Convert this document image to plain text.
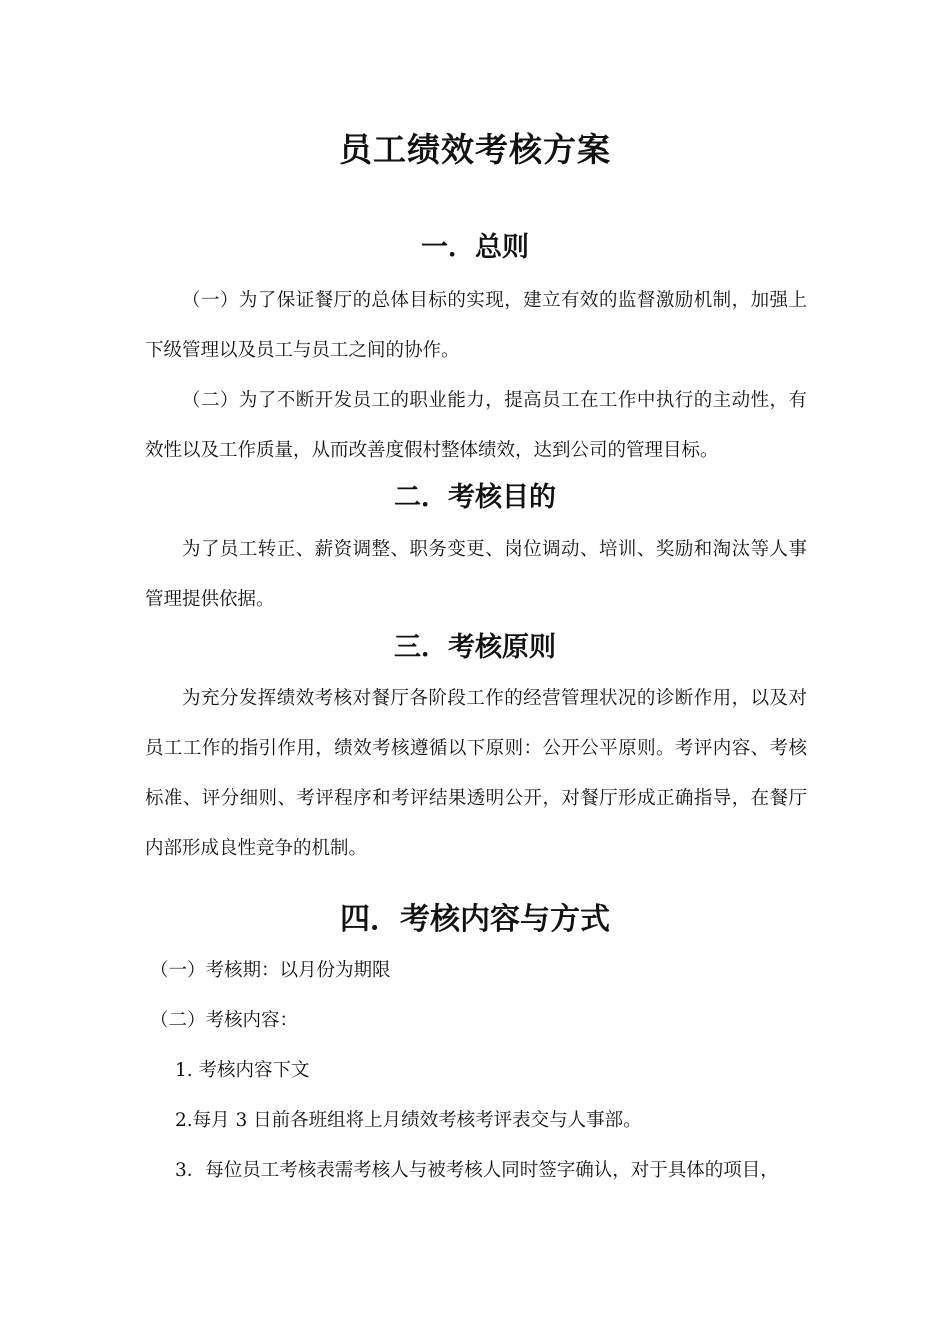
员工绩效考核方案
一．总则

（一）为了保证餐厅的总体目标的实现，建立有效的监督激励机制，加强上下级管理以及员工与员工之间的协作。

（二）为了不断开发员工的职业能力，提高员工在工作中执行的主动性，有效性以及工作质量，从而改善度假村整体绩效，达到公司的管理目标。

二．考核目的

为了员工转正、薪资调整、职务变更、岗位调动、培训、奖励和淘汰等人事管理提供依据。

三．考核原则

为充分发挥绩效考核对餐厅各阶段工作的经营管理状况的诊断作用，以及对员工工作的指引作用，绩效考核遵循以下原则：公开公平原则。考评内容、考核标准、评分细则、考评程序和考评结果透明公开，对餐厅形成正确指导，在餐厅内部形成良性竞争的机制。

四．考核内容与方式

（一）考核期：以月份为期限

（二）考核内容：

1. 考核内容下文

2.每月 3 日前各班组将上月绩效考核考评表交与人事部。

3．每位员工考核表需考核人与被考核人同时签字确认，对于具体的项目，
